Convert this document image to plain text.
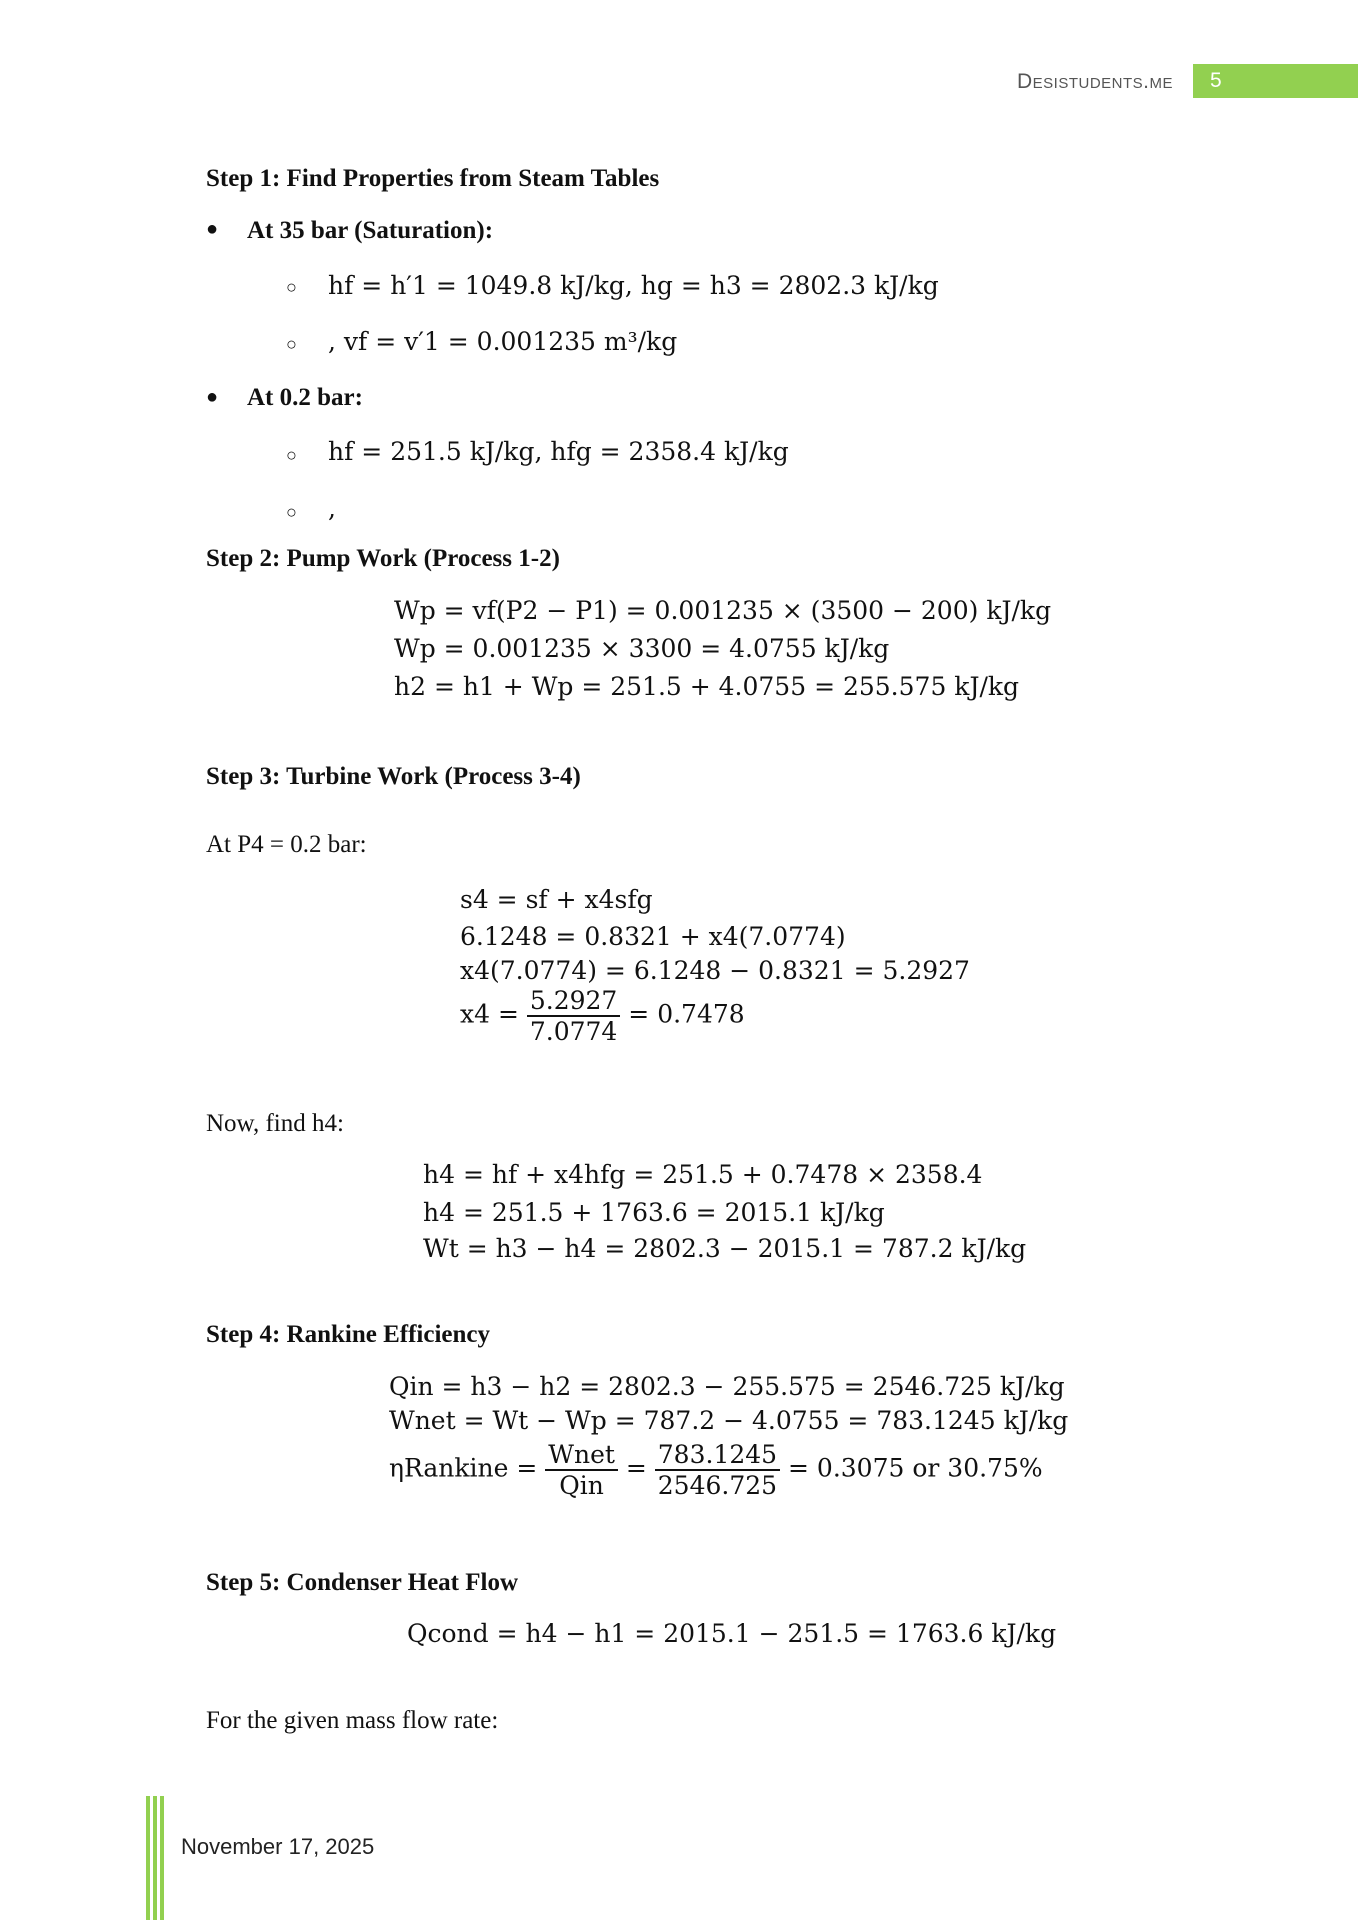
Desistudents.me 5
Step 1: Find Properties from Steam Tables
● At 35 bar (Saturation):
○ hf = h′1 = 1049.8 kJ/kg, hg = h3 = 2802.3 kJ/kg
○ , vf = v′1 = 0.001235 m³/kg
● At 0.2 bar:
○ hf = 251.5 kJ/kg, hfg = 2358.4 kJ/kg
○ ,
Step 2: Pump Work (Process 1-2)
Wp = vf(P2 − P1) = 0.001235 × (3500 − 200) kJ/kg
Wp = 0.001235 × 3300 = 4.0755 kJ/kg
h2 = h1 + Wp = 251.5 + 4.0755 = 255.575 kJ/kg
Step 3: Turbine Work (Process 3-4)
At P4 = 0.2 bar:
s4 = sf + x4sfg
6.1248 = 0.8321 + x4(7.0774)
x4(7.0774) = 6.1248 − 0.8321 = 5.2927
$x4 = \frac{5.2927}{7.0774} = 0.7478$
Now, find h4:
h4 = hf + x4hfg = 251.5 + 0.7478 × 2358.4
h4 = 251.5 + 1763.6 = 2015.1 kJ/kg
Wt = h3 − h4 = 2802.3 − 2015.1 = 787.2 kJ/kg
Step 4: Rankine Efficiency
Qin = h3 − h2 = 2802.3 − 255.575 = 2546.725 kJ/kg
Wnet = Wt − Wp = 787.2 − 4.0755 = 783.1245 kJ/kg
ηRankine = $\frac{\text{Wnet}}{\text{Qin}} = \frac{783.1245}{2546.725} = 0.3075$ or 30.75%
Step 5: Condenser Heat Flow
Qcond = h4 − h1 = 2015.1 − 251.5 = 1763.6 kJ/kg
For the given mass flow rate:
November 17, 2025
